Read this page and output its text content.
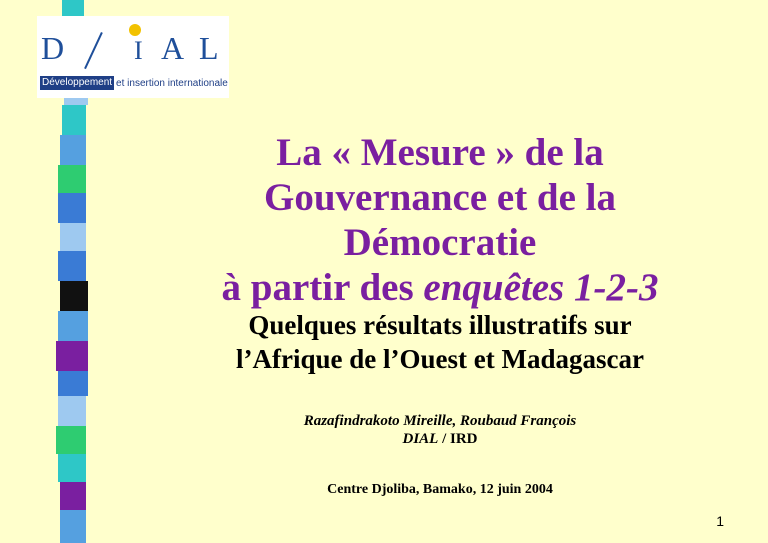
D	I A L
Développement et insertion internationale
La « Mesure » de la
Gouvernance et de la
Démocratie
à partir des enquêtes 1-2-3
Quelques résultats illustratifs sur
l’Afrique de l’Ouest et Madagascar
Razafindrakoto Mireille, Roubaud François
DIAL / IRD
Centre Djoliba, Bamako, 12 juin 2004
1
